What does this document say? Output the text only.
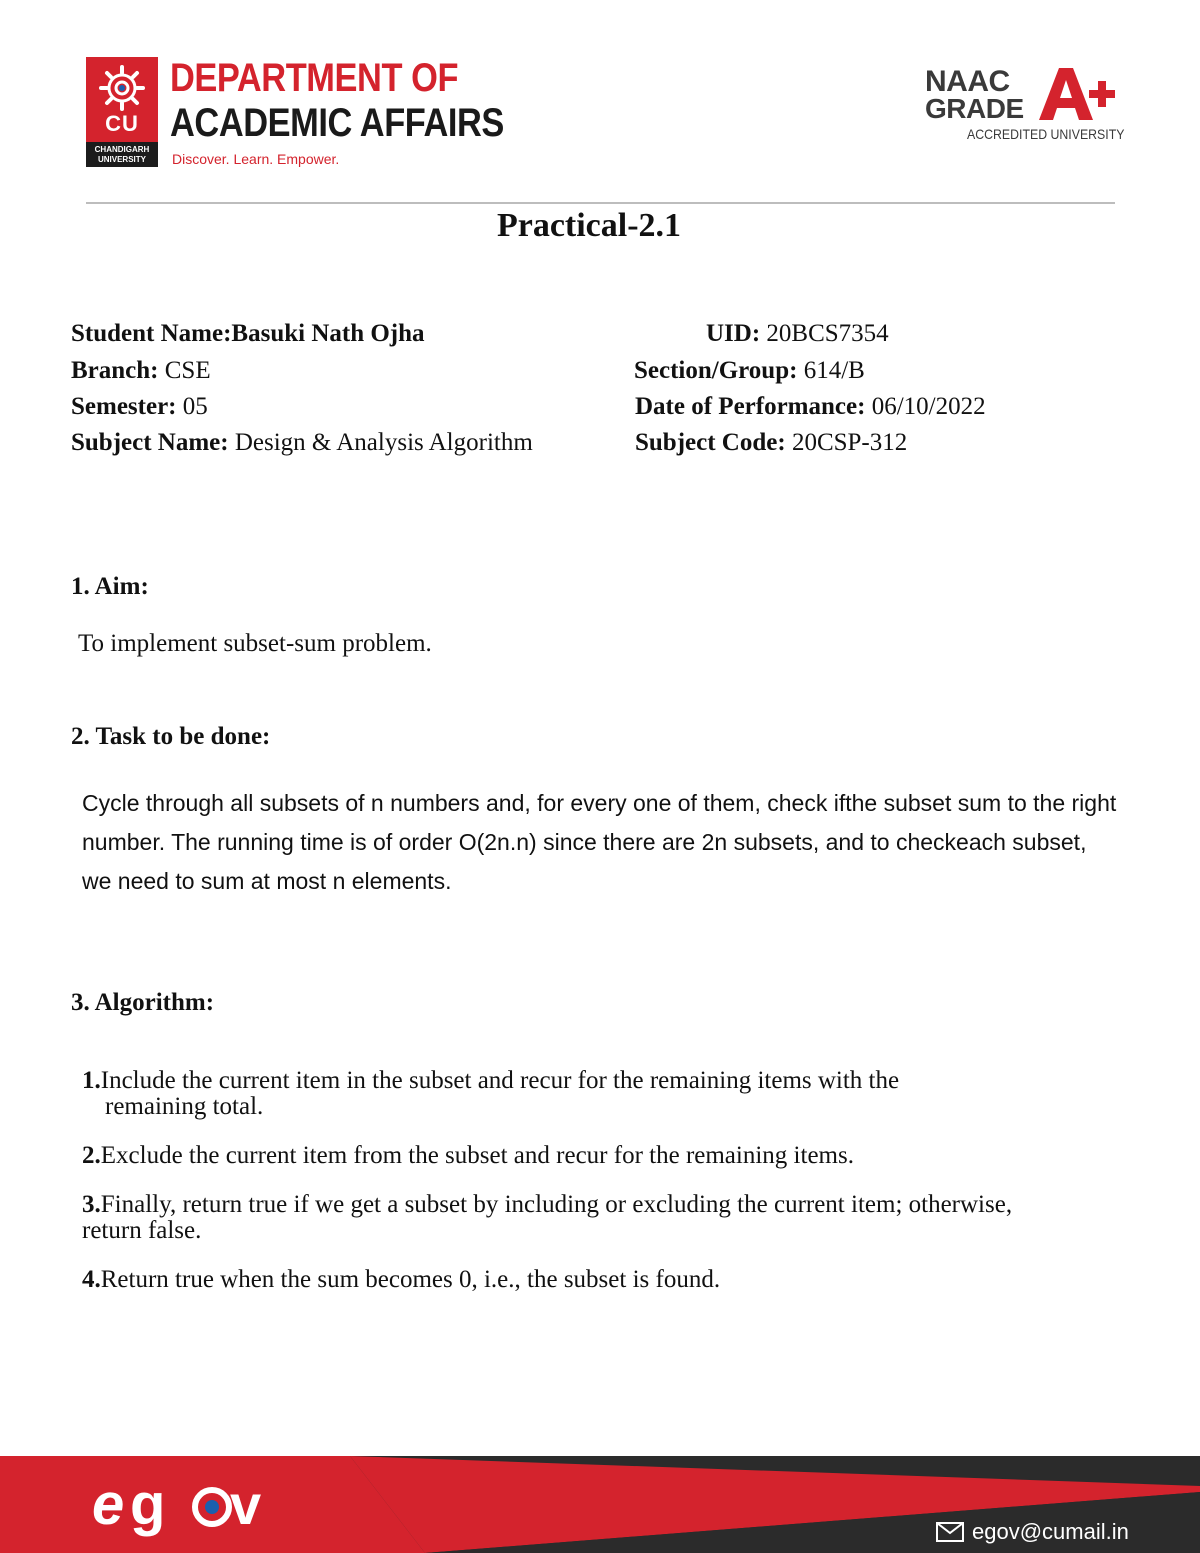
CU
CHANDIGARH UNIVERSITY
DEPARTMENT OF
ACADEMIC AFFAIRS
Discover. Learn. Empower.
NAAC
GRADE
ACCREDITED UNIVERSITY
Practical-2.1
Student Name:Basuki Nath Ojha	UID: 20BCS7354
Branch: CSE	Section/Group: 614/B
Semester: 05	Date of Performance: 06/10/2022
Subject Name: Design & Analysis Algorithm	Subject Code: 20CSP-312
1. Aim:
To implement subset-sum problem.
2. Task to be done:
Cycle through all subsets of n numbers and, for every one of them, check ifthe subset sum to the right number. The running time is of order O(2n.n) since there are 2n subsets, and to checkeach subset, we need to sum at most n elements.
3. Algorithm:
1.Include the current item in the subset and recur for the remaining items with the
remaining total.
2.Exclude the current item from the subset and recur for the remaining items.
3.Finally, return true if we get a subset by including or excluding the current item; otherwise, return false.
4.Return true when the sum becomes 0, i.e., the subset is found.
e g v	egov@cumail.in
